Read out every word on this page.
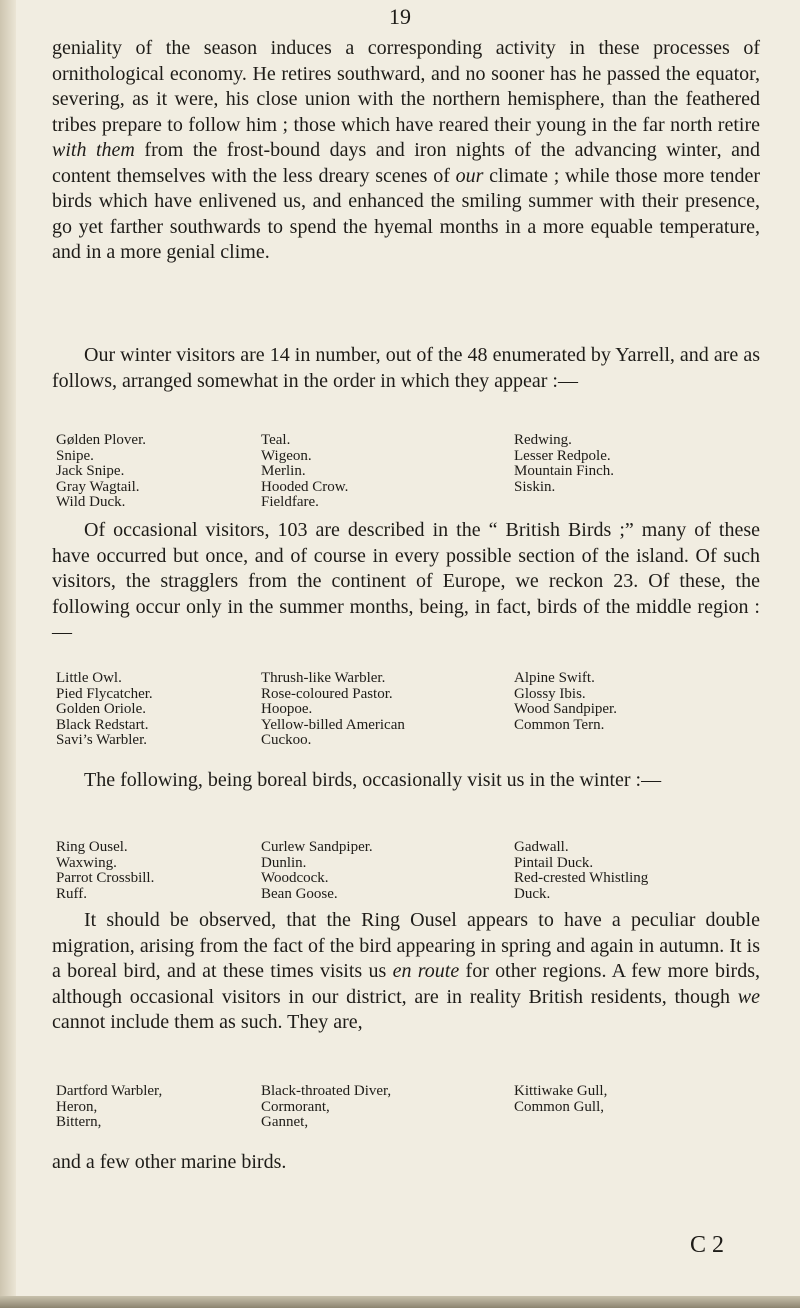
19

geniality of the season induces a corresponding activity in these processes of ornithological economy. He retires southward, and no sooner has he passed the equator, severing, as it were, his close union with the northern hemisphere, than the feathered tribes prepare to follow him ; those which have reared their young in the far north retire with them from the frost-bound days and iron nights of the advancing winter, and content themselves with the less dreary scenes of our climate ; while those more tender birds which have enlivened us, and enhanced the smiling summer with their presence, go yet farther southwards to spend the hyemal months in a more equable temperature, and in a more genial clime.

Our winter visitors are 14 in number, out of the 48 enumerated by Yarrell, and are as follows, arranged somewhat in the order in which they appear :—

Gølden Plover.
Snipe.
Jack Snipe.
Gray Wagtail.
Wild Duck.
Teal.
Wigeon.
Merlin.
Hooded Crow.
Fieldfare.
Redwing.
Lesser Redpole.
Mountain Finch.
Siskin.

Of occasional visitors, 103 are described in the “ British Birds ;” many of these have occurred but once, and of course in every possible section of the island. Of such visitors, the stragglers from the continent of Europe, we reckon 23. Of these, the following occur only in the summer months, being, in fact, birds of the middle region :—

Little Owl.
Pied Flycatcher.
Golden Oriole.
Black Redstart.
Savi’s Warbler.
Thrush-like Warbler.
Rose-coloured Pastor.
Hoopoe.
Yellow-billed American
Cuckoo.
Alpine Swift.
Glossy Ibis.
Wood Sandpiper.
Common Tern.

The following, being boreal birds, occasionally visit us in the winter :—

Ring Ousel.
Waxwing.
Parrot Crossbill.
Ruff.
Curlew Sandpiper.
Dunlin.
Woodcock.
Bean Goose.
Gadwall.
Pintail Duck.
Red-crested Whistling
Duck.

It should be observed, that the Ring Ousel appears to have a peculiar double migration, arising from the fact of the bird appearing in spring and again in autumn. It is a boreal bird, and at these times visits us en route for other regions. A few more birds, although occasional visitors in our district, are in reality British residents, though we cannot include them as such. They are,

Dartford Warbler,
Heron,
Bittern,
Black-throated Diver,
Cormorant,
Gannet,
Kittiwake Gull,
Common Gull,

and a few other marine birds.

C 2
